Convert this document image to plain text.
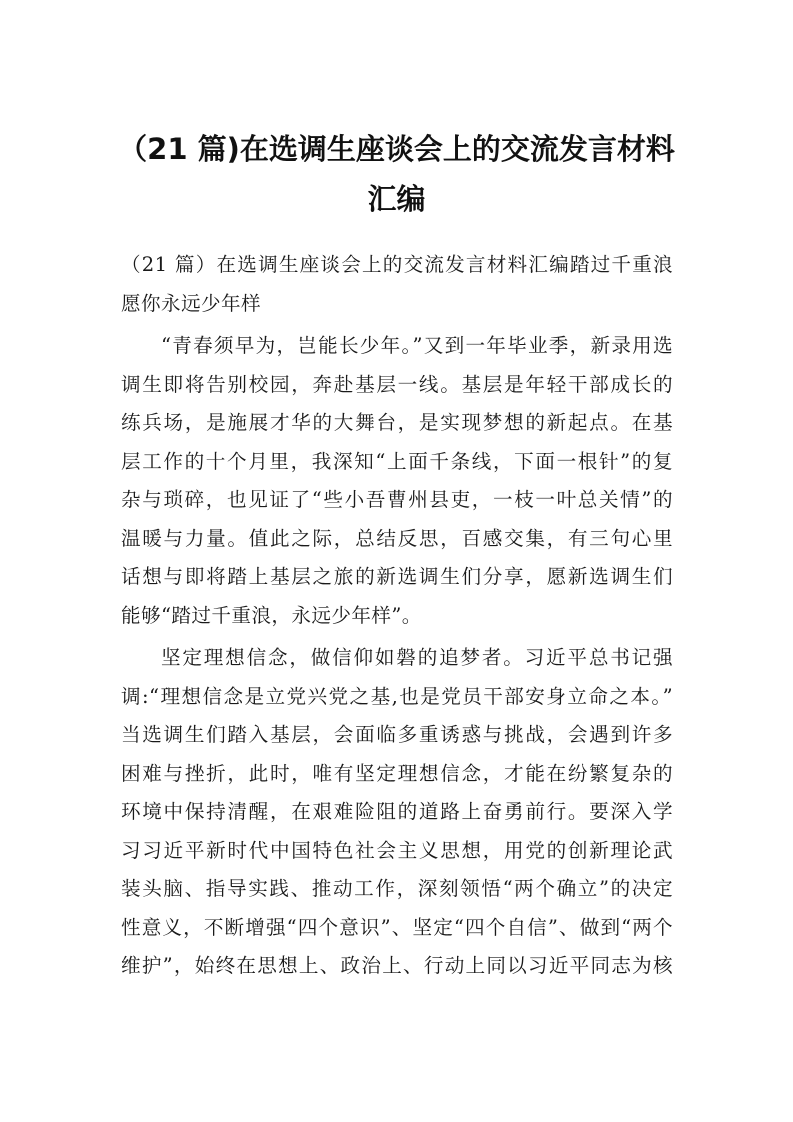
（21 篇)在选调生座谈会上的交流发言材料
汇编

（21 篇）在选调生座谈会上的交流发言材料汇编踏过千重浪
愿你永远少年样

“青春须早为，岂能长少年。”又到一年毕业季，新录用选
调生即将告别校园，奔赴基层一线。基层是年轻干部成长的
练兵场，是施展才华的大舞台，是实现梦想的新起点。在基
层工作的十个月里，我深知“上面千条线，下面一根针”的复
杂与琐碎，也见证了“些小吾曹州县吏，一枝一叶总关情”的
温暖与力量。值此之际，总结反思，百感交集，有三句心里
话想与即将踏上基层之旅的新选调生们分享，愿新选调生们
能够“踏过千重浪，永远少年样”。

坚定理想信念，做信仰如磐的追梦者。习近平总书记强
调:“理想信念是立党兴党之基,也是党员干部安身立命之本。”
当选调生们踏入基层，会面临多重诱惑与挑战，会遇到许多
困难与挫折，此时，唯有坚定理想信念，才能在纷繁复杂的
环境中保持清醒，在艰难险阻的道路上奋勇前行。要深入学
习习近平新时代中国特色社会主义思想，用党的创新理论武
装头脑、指导实践、推动工作，深刻领悟“两个确立”的决定
性意义，不断增强“四个意识”、坚定“四个自信”、做到“两个
维护”，始终在思想上、政治上、行动上同以习近平同志为核
